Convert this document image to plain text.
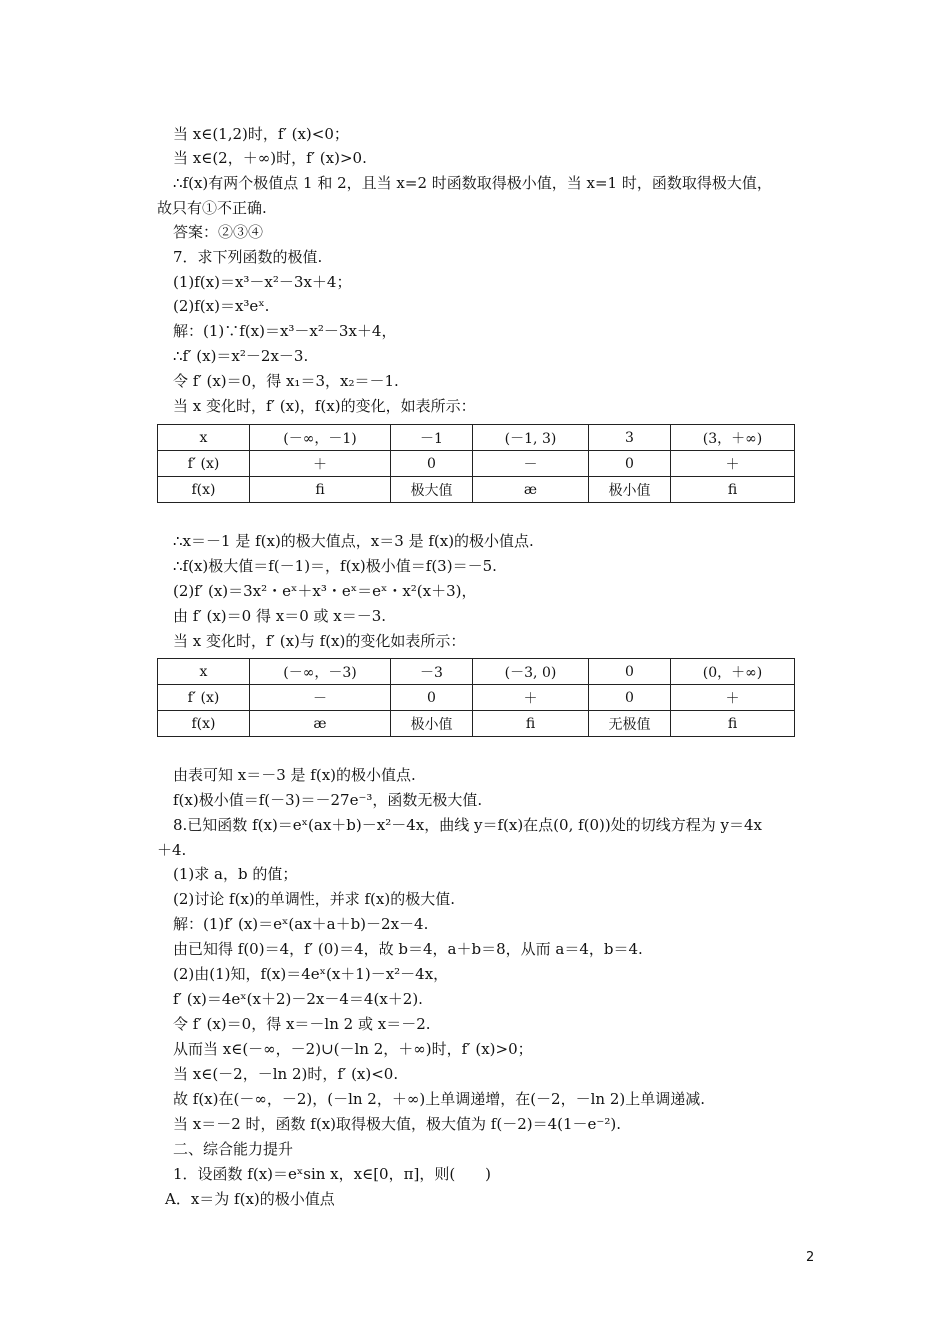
当 x∈(1,2)时，f′ (x)<0；
当 x∈(2，＋∞)时，f′ (x)>0.
∴f(x)有两个极值点 1 和 2，且当 x=2 时函数取得极小值，当 x=1 时，函数取得极大值，
故只有①不正确.
答案：②③④
7．求下列函数的极值.
(1)f(x)＝x³－x²－3x＋4；
(2)f(x)＝x³eˣ.
解：(1)∵f(x)＝x³－x²－3x＋4，
∴f′ (x)＝x²－2x－3.
令 f′ (x)＝0，得 x₁＝3，x₂＝－1.
当 x 变化时，f′ (x)，f(x)的变化，如表所示：
x	(－∞，－1)	－1	(－1, 3)	3	(3，＋∞)
f′ (x)	＋	0	－	0	＋
f(x)	ﬁ	极大值	æ	极小值	ﬁ
∴x＝－1 是 f(x)的极大值点，x＝3 是 f(x)的极小值点.
∴f(x)极大值＝f(－1)＝，f(x)极小值＝f(3)＝－5.
(2)f′ (x)＝3x²・eˣ＋x³・eˣ＝eˣ・x²(x＋3)，
由 f′ (x)＝0 得 x＝0 或 x＝－3.
当 x 变化时，f′ (x)与 f(x)的变化如表所示：
x	(－∞，－3)	－3	(－3, 0)	0	(0，＋∞)
f′ (x)	－	0	＋	0	＋
f(x)	æ	极小值	ﬁ	无极值	ﬁ
由表可知 x＝－3 是 f(x)的极小值点.
f(x)极小值＝f(－3)＝－27e⁻³，函数无极大值.
8.已知函数 f(x)＝eˣ(ax＋b)－x²－4x，曲线 y＝f(x)在点(0, f(0))处的切线方程为 y＝4x
＋4.
(1)求 a，b 的值；
(2)讨论 f(x)的单调性，并求 f(x)的极大值.
解：(1)f′ (x)＝eˣ(ax＋a＋b)－2x－4.
由已知得 f(0)＝4，f′ (0)＝4，故 b＝4，a＋b＝8，从而 a＝4，b＝4.
(2)由(1)知，f(x)＝4eˣ(x＋1)－x²－4x，
f′ (x)＝4eˣ(x＋2)－2x－4＝4(x＋2).
令 f′ (x)＝0，得 x＝－ln 2 或 x＝－2.
从而当 x∈(－∞，－2)∪(－ln 2，＋∞)时，f′ (x)>0；
当 x∈(－2，－ln 2)时，f′ (x)<0.
故 f(x)在(－∞，－2)，(－ln 2，＋∞)上单调递增，在(－2，－ln 2)上单调递减.
当 x＝－2 时，函数 f(x)取得极大值，极大值为 f(－2)＝4(1－e⁻²).
二、综合能力提升
1．设函数 f(x)＝eˣsin x，x∈[0，π]，则(　　)
A．x＝为 f(x)的极小值点
2
